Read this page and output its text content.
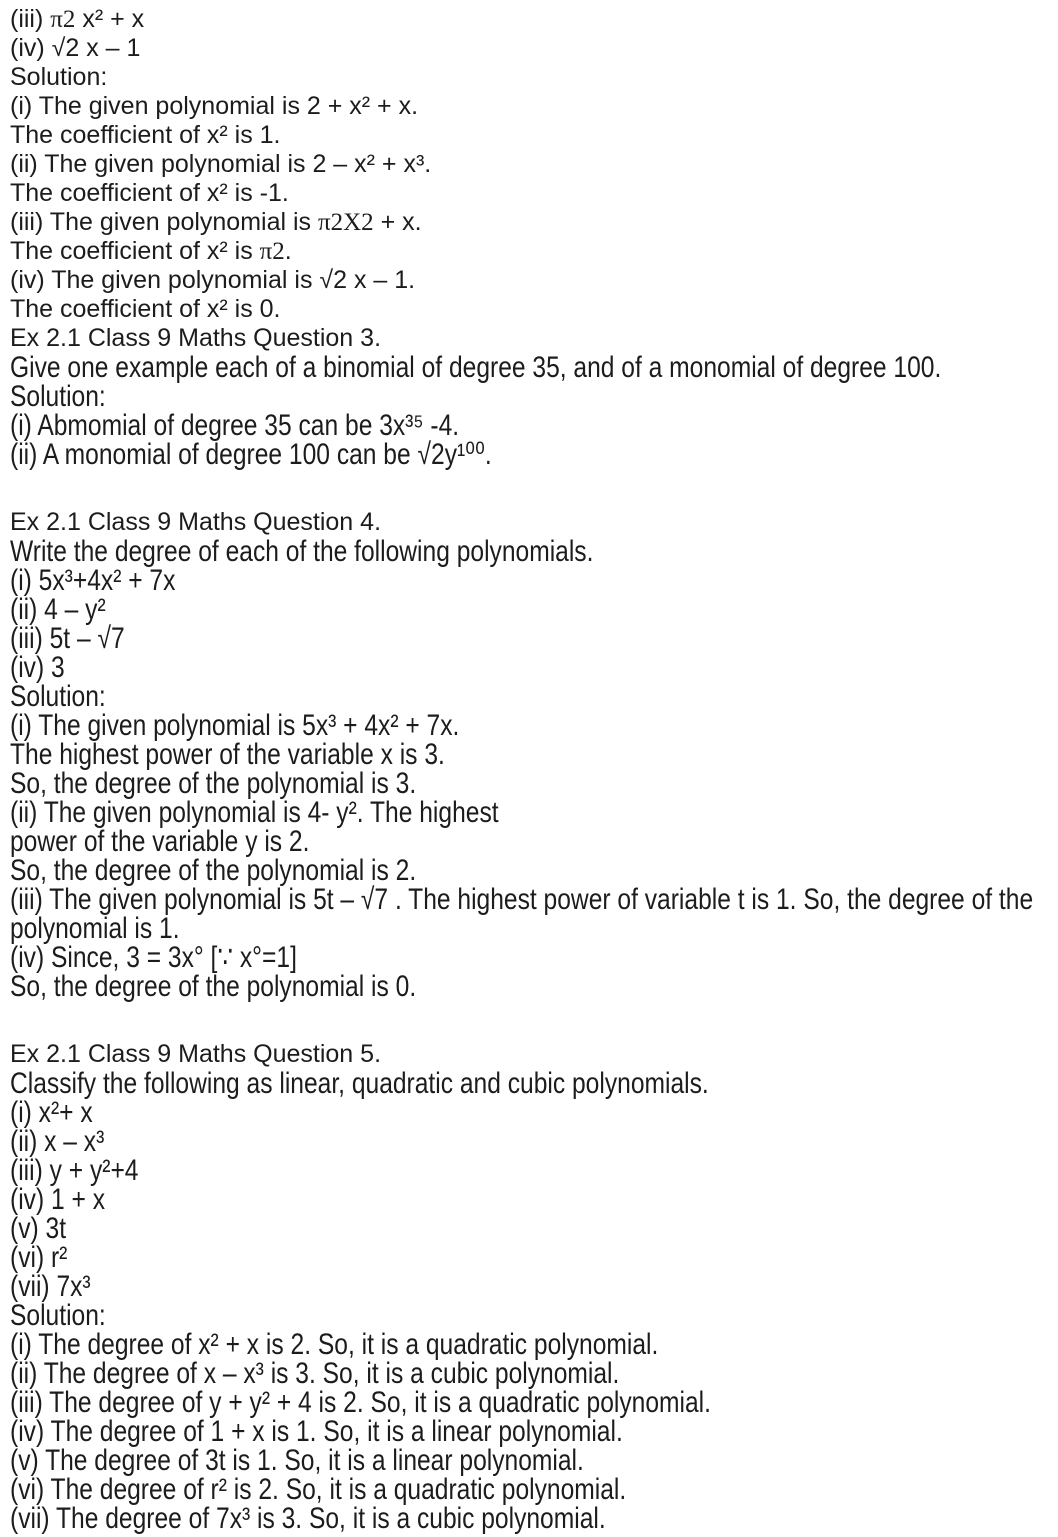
(iii) π2 x² + x
(iv) √2 x – 1
Solution:
(i) The given polynomial is 2 + x² + x.
The coefficient of x² is 1.
(ii) The given polynomial is 2 – x² + x³.
The coefficient of x² is -1.
(iii) The given polynomial is π2X2 + x.
The coefficient of x² is π2.
(iv) The given polynomial is √2 x – 1.
The coefficient of x² is 0.
Ex 2.1 Class 9 Maths Question 3.
Give one example each of a binomial of degree 35, and of a monomial of degree 100.
Solution:
(i) Abmomial of degree 35 can be 3x³⁵ -4.
(ii) A monomial of degree 100 can be √2y¹⁰⁰.
Ex 2.1 Class 9 Maths Question 4.
Write the degree of each of the following polynomials.
(i) 5x³+4x² + 7x
(ii) 4 – y²
(iii) 5t – √7
(iv) 3
Solution:
(i) The given polynomial is 5x³ + 4x² + 7x.
The highest power of the variable x is 3.
So, the degree of the polynomial is 3.
(ii) The given polynomial is 4- y². The highest
power of the variable y is 2.
So, the degree of the polynomial is 2.
(iii) The given polynomial is 5t – √7 . The highest power of variable t is 1. So, the degree of the
polynomial is 1.
(iv) Since, 3 = 3x° [∵ x°=1]
So, the degree of the polynomial is 0.
Ex 2.1 Class 9 Maths Question 5.
Classify the following as linear, quadratic and cubic polynomials.
(i) x²+ x
(ii) x – x³
(iii) y + y²+4
(iv) 1 + x
(v) 3t
(vi) r²
(vii) 7x³
Solution:
(i) The degree of x² + x is 2. So, it is a quadratic polynomial.
(ii) The degree of x – x³ is 3. So, it is a cubic polynomial.
(iii) The degree of y + y² + 4 is 2. So, it is a quadratic polynomial.
(iv) The degree of 1 + x is 1. So, it is a linear polynomial.
(v) The degree of 3t is 1. So, it is a linear polynomial.
(vi) The degree of r² is 2. So, it is a quadratic polynomial.
(vii) The degree of 7x³ is 3. So, it is a cubic polynomial.
